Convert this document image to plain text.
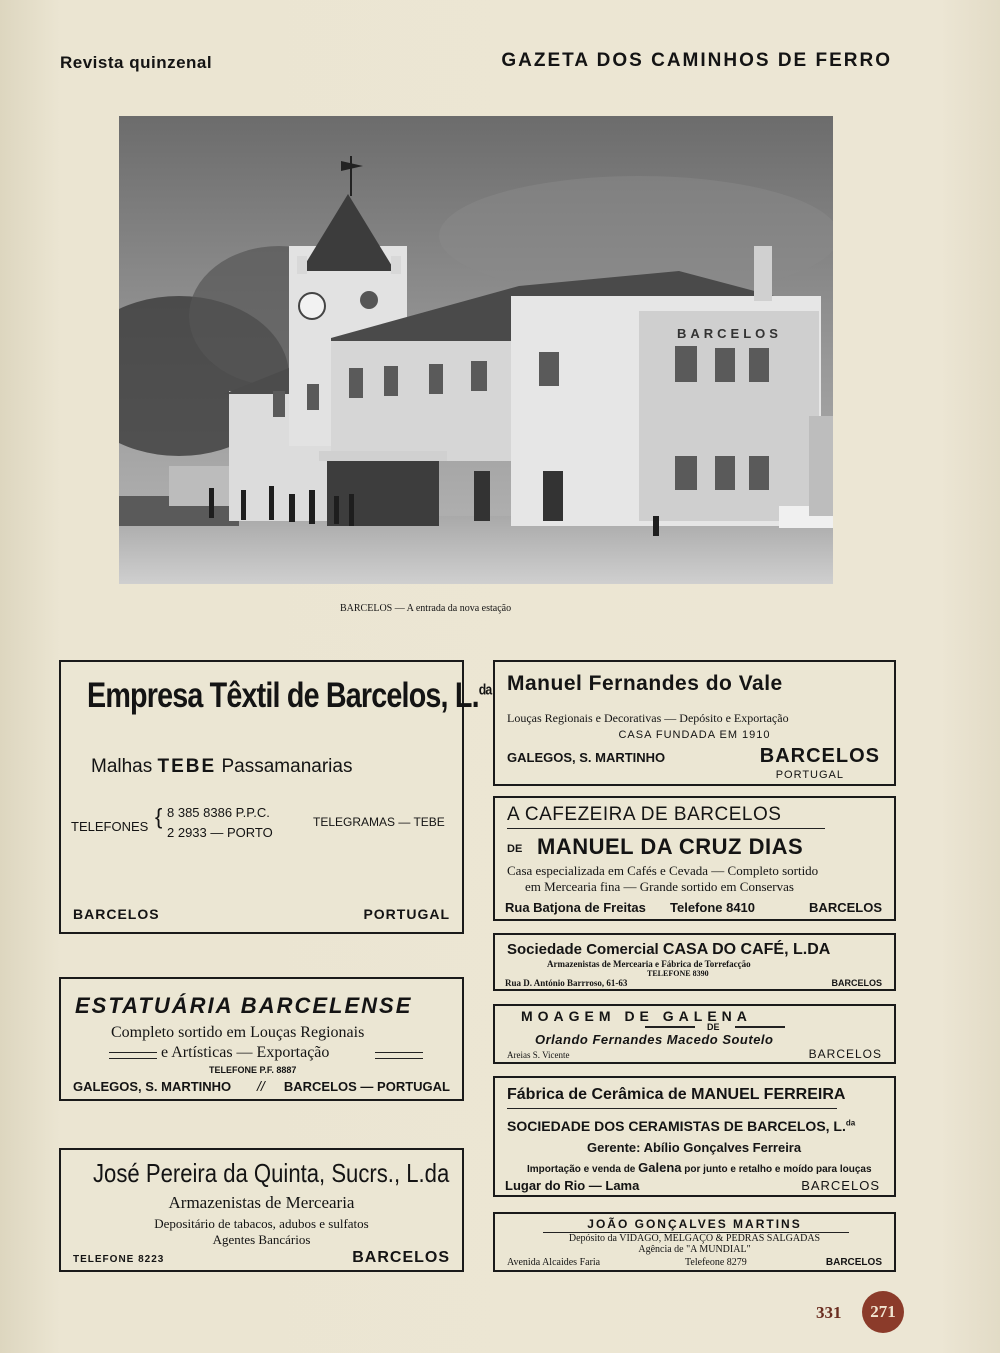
Revista quinzenal	GAZETA DOS CAMINHOS DE FERRO
BARCELOS
BARCELOS — A entrada da nova estação
Empresa Têxtil de Barcelos, L.$^{da}$
Malhas TEBE Passamanarias
TELEFONES { 8 385 8386 P.P.C.
2 2933 — PORTO
TELEGRAMAS — TEBE
BARCELOS	PORTUGAL
ESTATUÁRIA BARCELENSE
Completo sortido em Louças Regionais
e Artísticas — Exportação
TELEFONE P.F. 8887
GALEGOS, S. MARTINHO // BARCELOS — PORTUGAL
José Pereira da Quinta, Sucrs., L.da
Armazenistas de Mercearia
Depositário de tabacos, adubos e sulfatos
Agentes Bancários
TELEFONE 8223	BARCELOS
Manuel Fernandes do Vale
Louças Regionais e Decorativas — Depósito e Exportação
CASA FUNDADA EM 1910
GALEGOS, S. MARTINHO	BARCELOS
PORTUGAL
A CAFEZEIRA DE BARCELOS
DE MANUEL DA CRUZ DIAS
Casa especializada em Cafés e Cevada — Completo sortido
em Mercearia fina — Grande sortido em Conservas
Rua Batjona de Freitas Telefone 8410	BARCELOS
Sociedade Comercial CASA DO CAFÉ, L.DA
Armazenistas de Mercearia e Fábrica de Torrefacção
TELEFONE 8390
Rua D. António Barrroso, 61-63	BARCELOS
MOAGEM DE GALENA
DE
Orlando Fernandes Macedo Soutelo
Areias S. Vicente	BARCELOS
Fábrica de Cerâmica de MANUEL FERREIRA
SOCIEDADE DOS CERAMISTAS DE BARCELOS, L.$^{da}$
Gerente: Abílio Gonçalves Ferreira
Importação e venda de Galena por junto e retalho e moído para louças
Lugar do Rio — Lama	BARCELOS
JOÃO GONÇALVES MARTINS
Depósito da VIDAGO, MELGAÇO & PEDRAS SALGADAS
Agência de "A MUNDIAL"
Avenida Alcaides Faria	Telefeone 8279	BARCELOS
331	271
